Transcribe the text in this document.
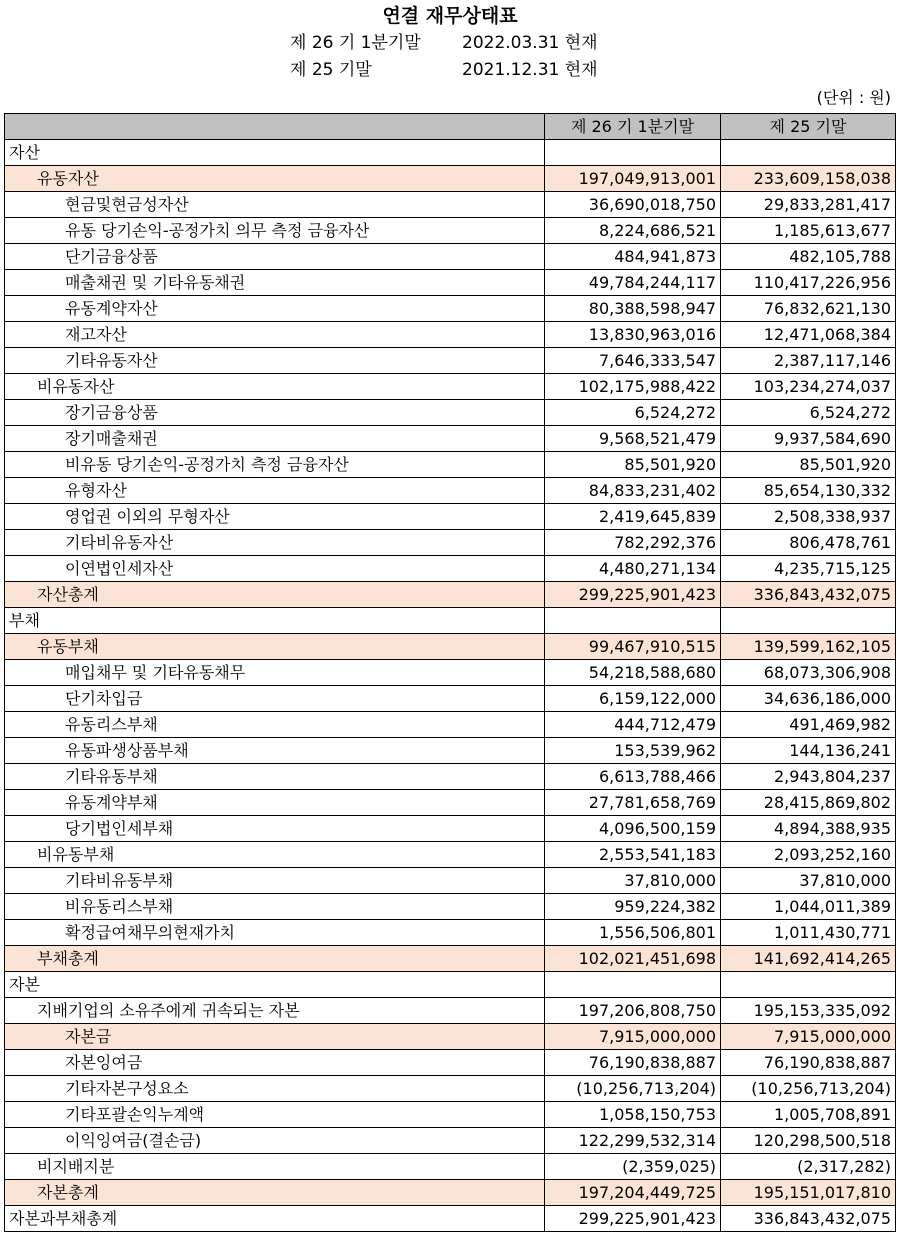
연결 재무상태표
제 26 기 1분기말 2022.03.31 현재
제 25 기말	2021.12.31 현재
(단위 : 원)
	제 26 기 1분기말	제 25 기말
자산		
유동자산	197,049,913,001	233,609,158,038
현금및현금성자산	36,690,018,750	29,833,281,417
유동 당기손익-공정가치 의무 측정 금융자산	8,224,686,521	1,185,613,677
단기금융상품	484,941,873	482,105,788
매출채권 및 기타유동채권	49,784,244,117	110,417,226,956
유동계약자산	80,388,598,947	76,832,621,130
재고자산	13,830,963,016	12,471,068,384
기타유동자산	7,646,333,547	2,387,117,146
비유동자산	102,175,988,422	103,234,274,037
장기금융상품	6,524,272	6,524,272
장기매출채권	9,568,521,479	9,937,584,690
비유동 당기손익-공정가치 측정 금융자산	85,501,920	85,501,920
유형자산	84,833,231,402	85,654,130,332
영업권 이외의 무형자산	2,419,645,839	2,508,338,937
기타비유동자산	782,292,376	806,478,761
이연법인세자산	4,480,271,134	4,235,715,125
자산총계	299,225,901,423	336,843,432,075
부채		
유동부채	99,467,910,515	139,599,162,105
매입채무 및 기타유동채무	54,218,588,680	68,073,306,908
단기차입금	6,159,122,000	34,636,186,000
유동리스부채	444,712,479	491,469,982
유동파생상품부채	153,539,962	144,136,241
기타유동부채	6,613,788,466	2,943,804,237
유동계약부채	27,781,658,769	28,415,869,802
당기법인세부채	4,096,500,159	4,894,388,935
비유동부채	2,553,541,183	2,093,252,160
기타비유동부채	37,810,000	37,810,000
비유동리스부채	959,224,382	1,044,011,389
확정급여채무의현재가치	1,556,506,801	1,011,430,771
부채총계	102,021,451,698	141,692,414,265
자본		
지배기업의 소유주에게 귀속되는 자본	197,206,808,750	195,153,335,092
자본금	7,915,000,000	7,915,000,000
자본잉여금	76,190,838,887	76,190,838,887
기타자본구성요소	(10,256,713,204)	(10,256,713,204)
기타포괄손익누계액	1,058,150,753	1,005,708,891
이익잉여금(결손금)	122,299,532,314	120,298,500,518
비지배지분	(2,359,025)	(2,317,282)
자본총계	197,204,449,725	195,151,017,810
자본과부채총계	299,225,901,423	336,843,432,075
